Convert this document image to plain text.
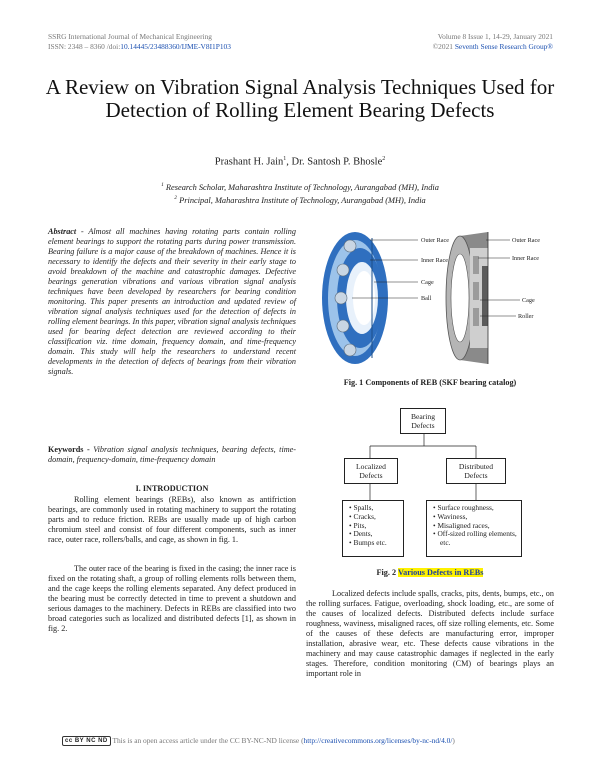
SSRG International Journal of Mechanical Engineering
ISSN: 2348 – 8360 /doi:10.14445/23488360/IJME-V8I1P103
Volume 8 Issue 1, 14-29, January 2021
©2021 Seventh Sense Research Group®
A Review on Vibration Signal Analysis Techniques Used for Detection of Rolling Element Bearing Defects
Prashant H. Jain$^1$, Dr. Santosh P. Bhosle$^2$
$^1$ Research Scholar, Maharashtra Institute of Technology, Aurangabad (MH), India
$^2$ Principal, Maharashtra Institute of Technology, Aurangabad (MH), India
Abstract - Almost all machines having rotating parts contain rolling element bearings to support the rotating parts during power transmission. Bearing failure is a major cause of the breakdown of machines. Hence it is necessary to identify the defects and their severity in their early stage to avoid breakdown of the machine and catastrophic damages. Defective bearings generation vibrations and various vibration signal analysis techniques have been developed by researchers for bearing condition monitoring. This paper presents an introduction and updated review of vibration signal analysis techniques used for the detection of defects in rolling element bearings. In this paper, vibration signal analysis techniques used for bearing defect detection are reviewed according to their classification viz. time domain, frequency domain, and time-frequency domain. This study will help the researchers to understand recent developments in the detection of defects of bearings from their vibration signals.
Keywords - Vibration signal analysis techniques, bearing defects, time-domain, frequency-domain, time-frequency domain
I. INTRODUCTION
Rolling element bearings (REBs), also known as antifriction bearings, are commonly used in rotating machinery to support the rotating parts and to reduce friction. REBs are usually made up of high carbon chromium steel and consist of four different components, such as inner race, outer race, rollers/balls, and cage, as shown in fig. 1.
The outer race of the bearing is fixed in the casing; the inner race is fixed on the rotating shaft, a group of rolling elements rolls between them, and the cage keeps the rolling elements separated. Any defect produced in the bearing must be correctly detected in time to prevent a shutdown and serious damages to the machinery. Defects in REBs are classified into two broad categories such as localized and distributed defects [1], as shown in fig. 2.
Outer Race
Inner Race
Cage
Ball
Outer Race
Inner Race
Cage
Roller
Fig. 1 Components of REB (SKF bearing catalog)
Bearing Defects
Localized Defects
Distributed Defects
• Spalls,
• Cracks,
• Pits,
• Dents,
• Bumps etc.
• Surface roughness,
• Waviness,
• Misaligned races,
• Off-sized rolling elements, etc.
Fig. 2 Various Defects in REBs
Localized defects include spalls, cracks, pits, dents, bumps, etc., on the rolling surfaces. Fatigue, overloading, shock loading, etc., are some of the causes of localized defects. Distributed defects include surface roughness, waviness, misaligned races, off size rolling elements, etc. Some of the causes of these defects are manufacturing error, improper installation, abrasive wear, etc. These defects cause vibrations in the machinery and may cause catastrophic damages if neglected in the early stages. Therefore, condition monitoring (CM) of bearings plays an important role in
cc BY NC ND This is an open access article under the CC BY-NC-ND license (http://creativecommons.org/licenses/by-nc-nd/4.0/)
